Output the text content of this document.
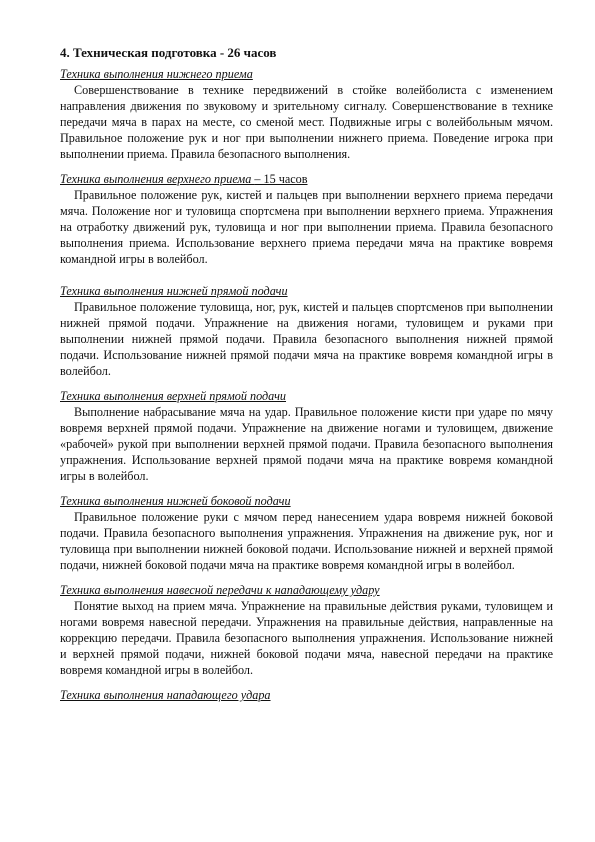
4. Техническая подготовка - 26 часов

Техника выполнения нижнего приема

Совершенствование в технике передвижений в стойке волейболиста с изменением направления движения по звуковому и зрительному сигналу. Совершенствование в технике передачи мяча в парах на месте, со сменой мест. Подвижные игры с волейбольным мячом. Правильное положение рук и ног при выполнении нижнего приема. Поведение игрока при выполнении приема. Правила безопасного выполнения.

Техника выполнения верхнего приема – 15 часов

Правильное положение рук, кистей и пальцев при выполнении верхнего приема передачи мяча. Положение ног и туловища спортсмена при выполнении верхнего приема. Упражнения на отработку движений рук, туловища и ног при выполнении приема. Правила безопасного выполнения приема. Использование верхнего приема передачи мяча на практике вовремя командной игры в волейбол.

Техника выполнения нижней прямой подачи

Правильное положение туловища, ног, рук, кистей и пальцев спортсменов при выполнении нижней прямой подачи. Упражнение на движения ногами, туловищем и руками при выполнении нижней прямой подачи. Правила безопасного выполнения нижней прямой подачи. Использование нижней прямой подачи мяча на практике вовремя командной игры в волейбол.

Техника выполнения верхней прямой подачи

Выполнение набрасывание мяча на удар. Правильное положение кисти при ударе по мячу вовремя верхней прямой подачи. Упражнение на движение ногами и туловищем, движение «рабочей» рукой при выполнении верхней прямой подачи. Правила безопасного выполнения упражнения. Использование верхней прямой подачи мяча на практике вовремя командной игры в волейбол.

Техника выполнения нижней боковой подачи

Правильное положение руки с мячом перед нанесением удара вовремя нижней боковой подачи. Правила безопасного выполнения упражнения. Упражнения на движение рук, ног и туловища при выполнении нижней боковой подачи. Использование нижней и верхней прямой подачи, нижней боковой подачи мяча на практике вовремя командной игры в волейбол.

Техника выполнения навесной передачи к нападающему удару

Понятие выход на прием мяча. Упражнение на правильные действия руками, туловищем и ногами вовремя навесной передачи. Упражнения на правильные действия, направленные на коррекцию передачи. Правила безопасного выполнения упражнения. Использование нижней и верхней прямой подачи, нижней боковой подачи мяча, навесной передачи на практике вовремя командной игры в волейбол.

Техника выполнения нападающего удара
